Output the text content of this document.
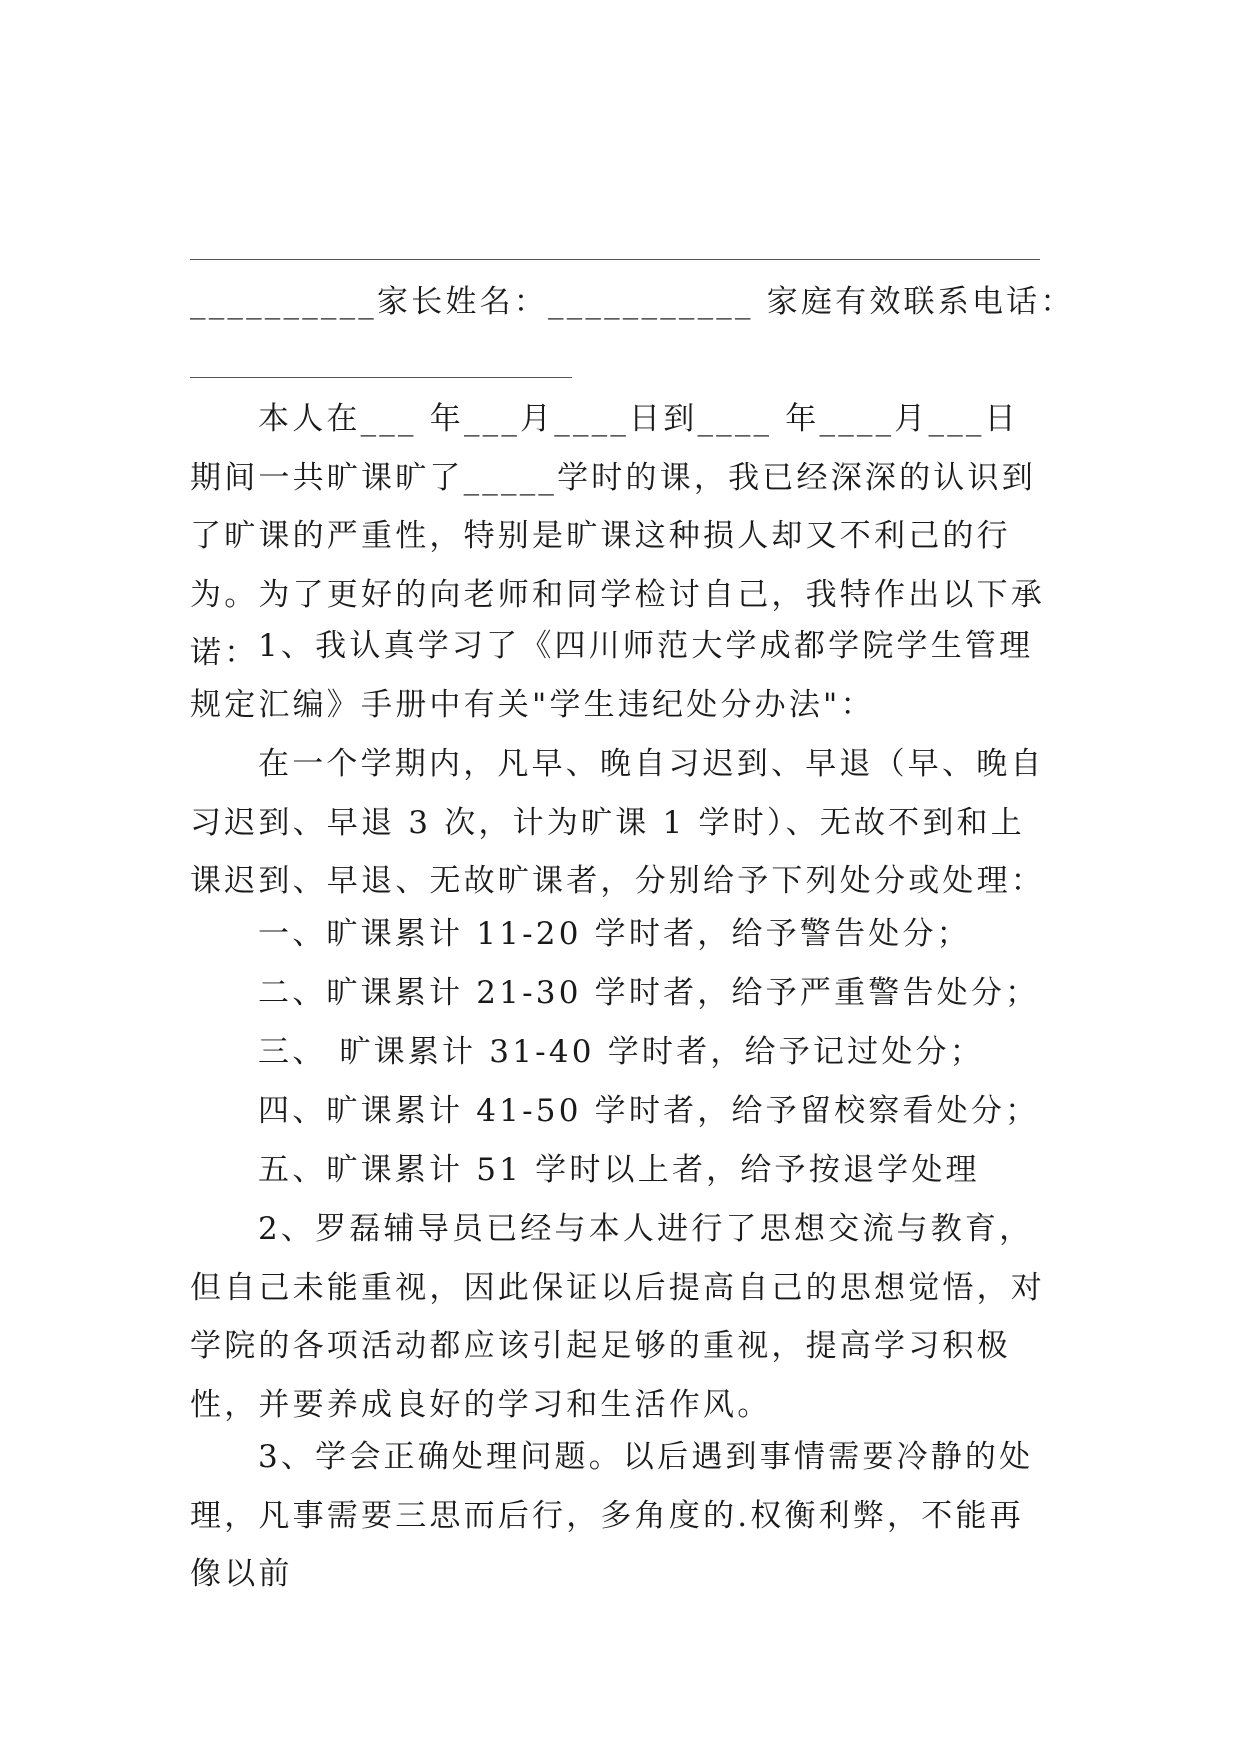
__________家长姓名：___________ 家庭有效联系电话：

本人在___ 年___月____日到____ 年____月___日期间一共旷课旷了_____学时的课，我已经深深的认识到了旷课的严重性，特别是旷课这种损人却又不利己的行为。为了更好的向老师和同学检讨自己，我特作出以下承诺： 1、我认真学习了《四川师范大学成都学院学生管理规定汇编》手册中有关"学生违纪处分办法"：

在一个学期内，凡早、晚自习迟到、早退（早、晚自习迟到、早退 3 次，计为旷课 1 学时）、无故不到和上课迟到、早退、无故旷课者，分别给予下列处分或处理：

一、旷课累计 11-20 学时者，给予警告处分；
二、旷课累计 21-30 学时者，给予严重警告处分；
三、 旷课累计 31-40 学时者，给予记过处分；
四、旷课累计 41-50 学时者，给予留校察看处分；
五、旷课累计 51 学时以上者，给予按退学处理

2、罗磊辅导员已经与本人进行了思想交流与教育，但自己未能重视，因此保证以后提高自己的思想觉悟，对学院的各项活动都应该引起足够的重视，提高学习积极性，并要养成良好的学习和生活作风。

3、学会正确处理问题。以后遇到事情需要冷静的处理，凡事需要三思而后行，多角度的.权衡利弊，不能再像以前
